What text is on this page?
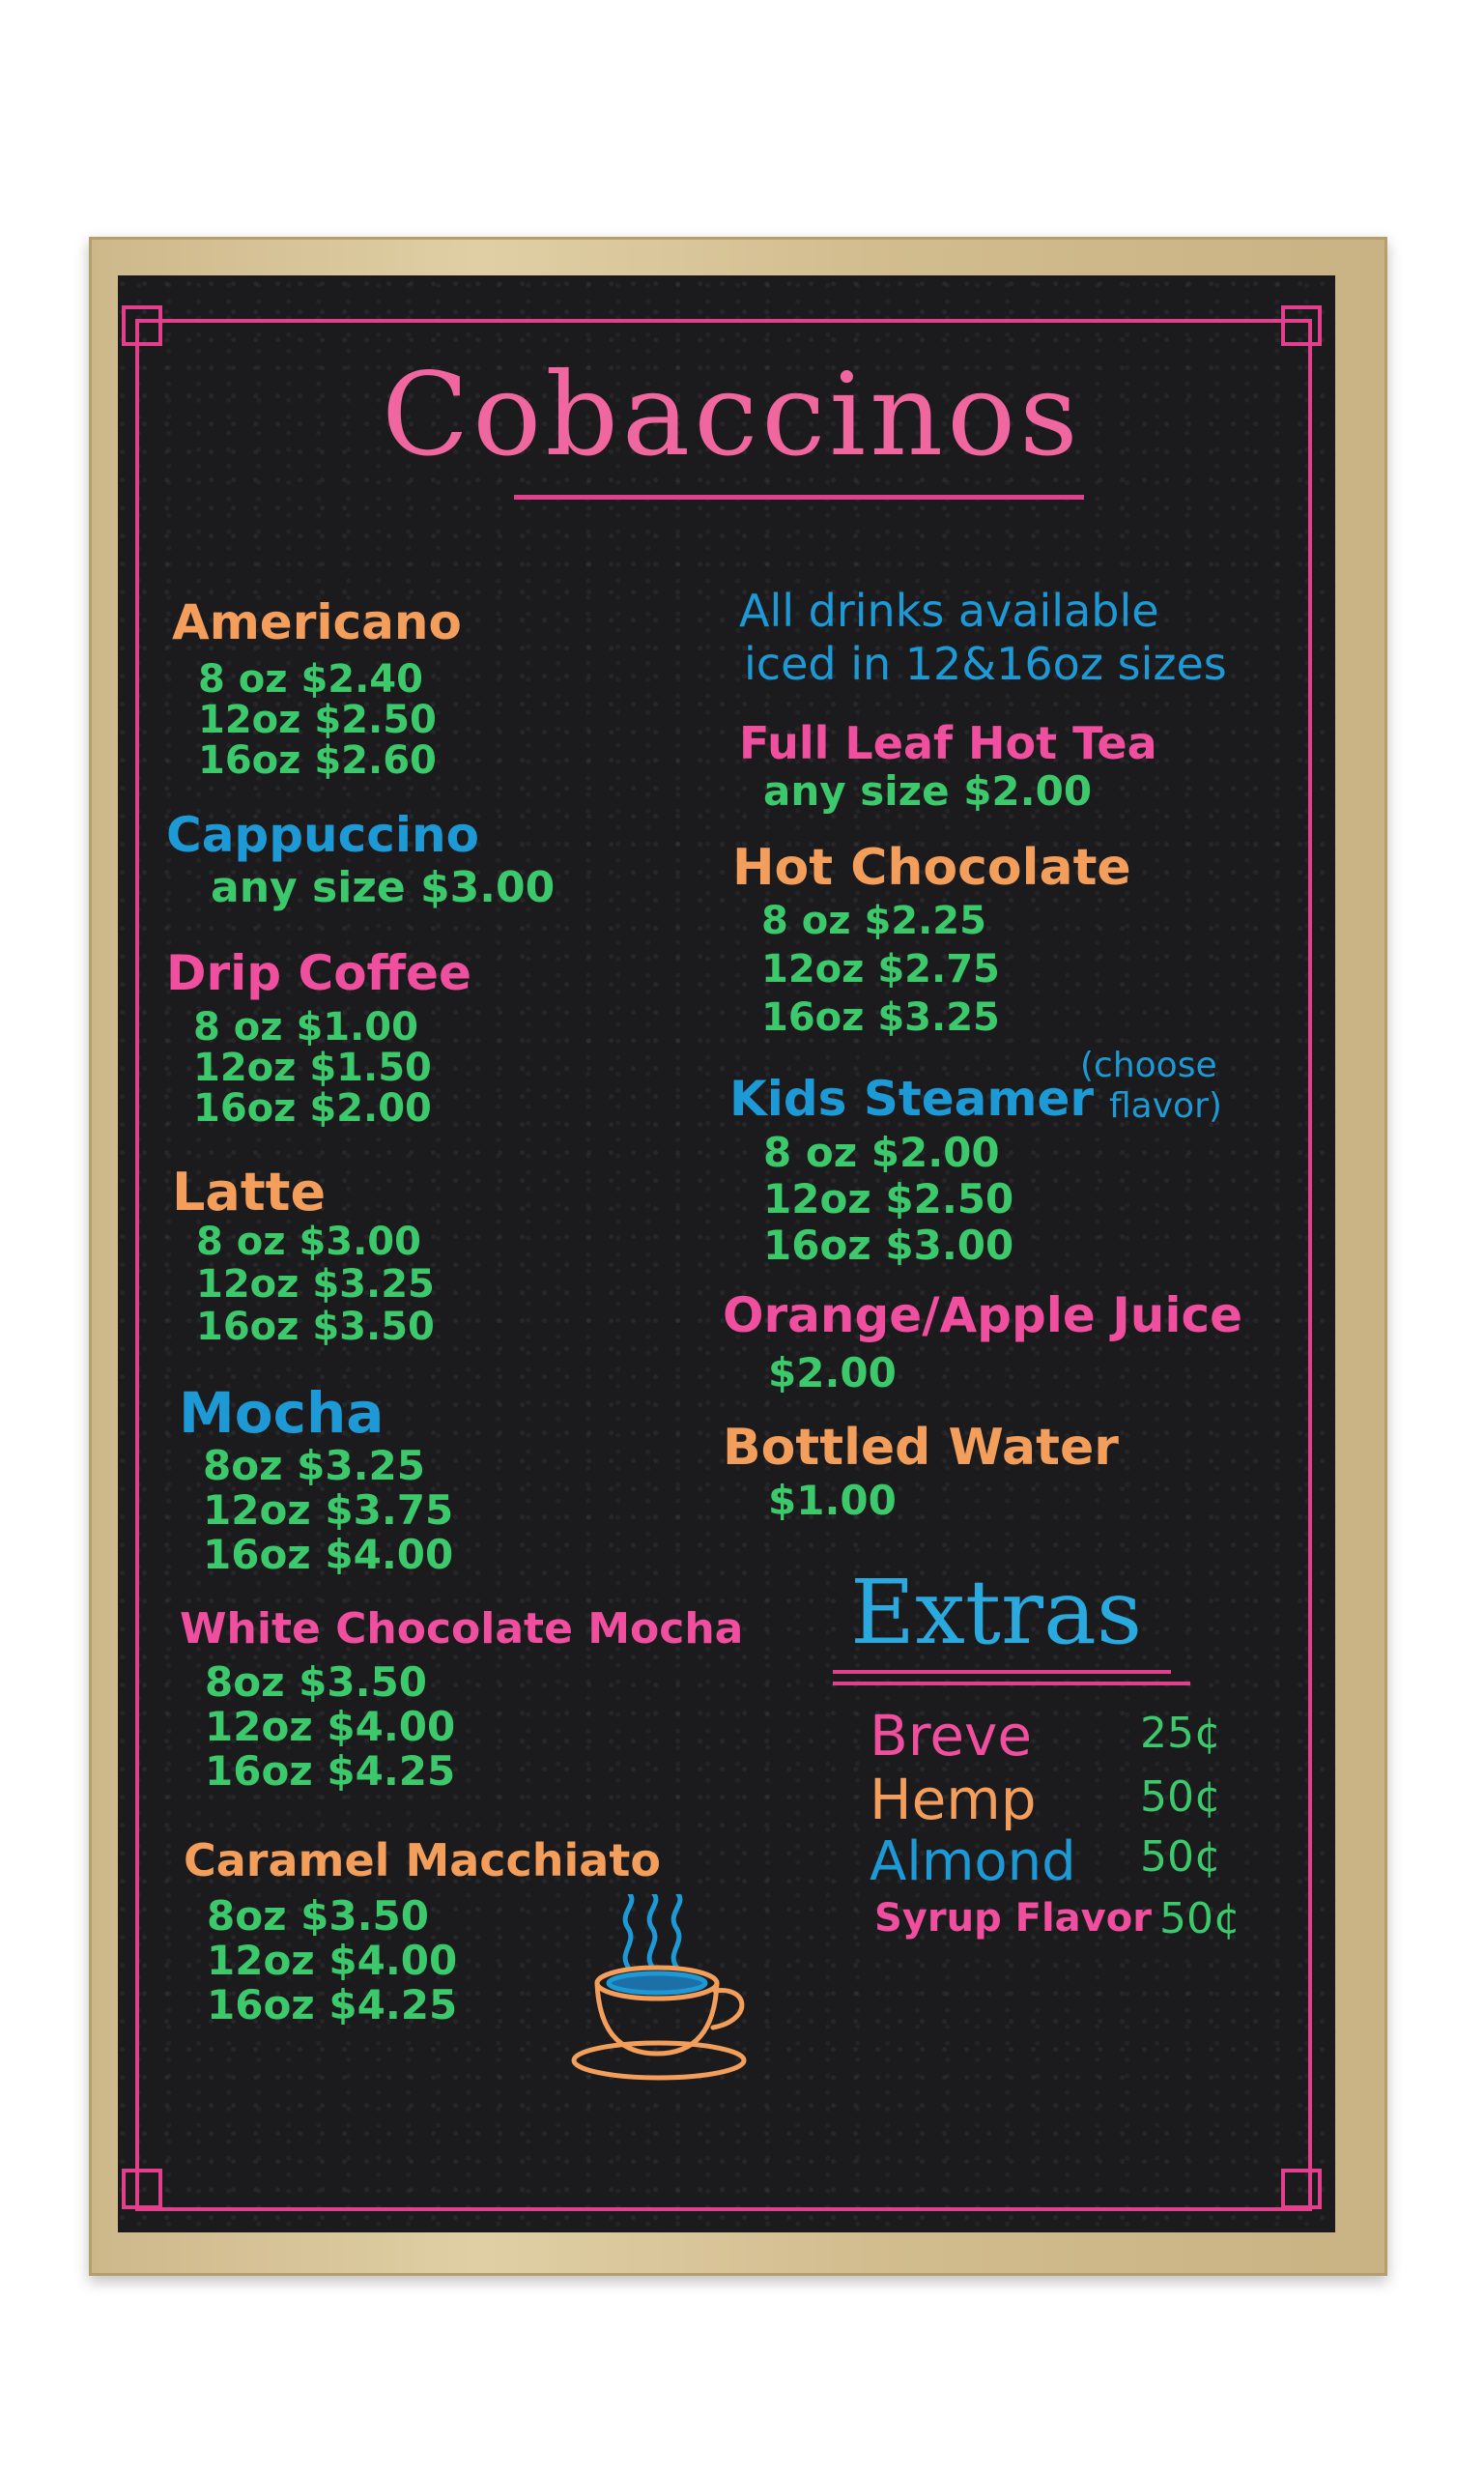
Cobaccinos
Americano
8 oz $2.40
12oz $2.50
16oz $2.60
Cappuccino
any size $3.00
Drip Coffee
8 oz $1.00
12oz $1.50
16oz $2.00
Latte
8 oz $3.00
12oz $3.25
16oz $3.50
Mocha
8oz $3.25
12oz $3.75
16oz $4.00
White Chocolate Mocha
8oz $3.50
12oz $4.00
16oz $4.25
Caramel Macchiato
8oz $3.50
12oz $4.00
16oz $4.25
All drinks available
iced in 12&16oz sizes
Full Leaf Hot Tea
any size $2.00
Hot Chocolate
8 oz $2.25
12oz $2.75
16oz $3.25
Kids Steamer
(choose
flavor)
8 oz $2.00
12oz $2.50
16oz $3.00
Orange/Apple Juice
$2.00
Bottled Water
$1.00
Extras
Breve	25¢
Hemp 50¢
Almond 50¢
Syrup Flavor 50¢
